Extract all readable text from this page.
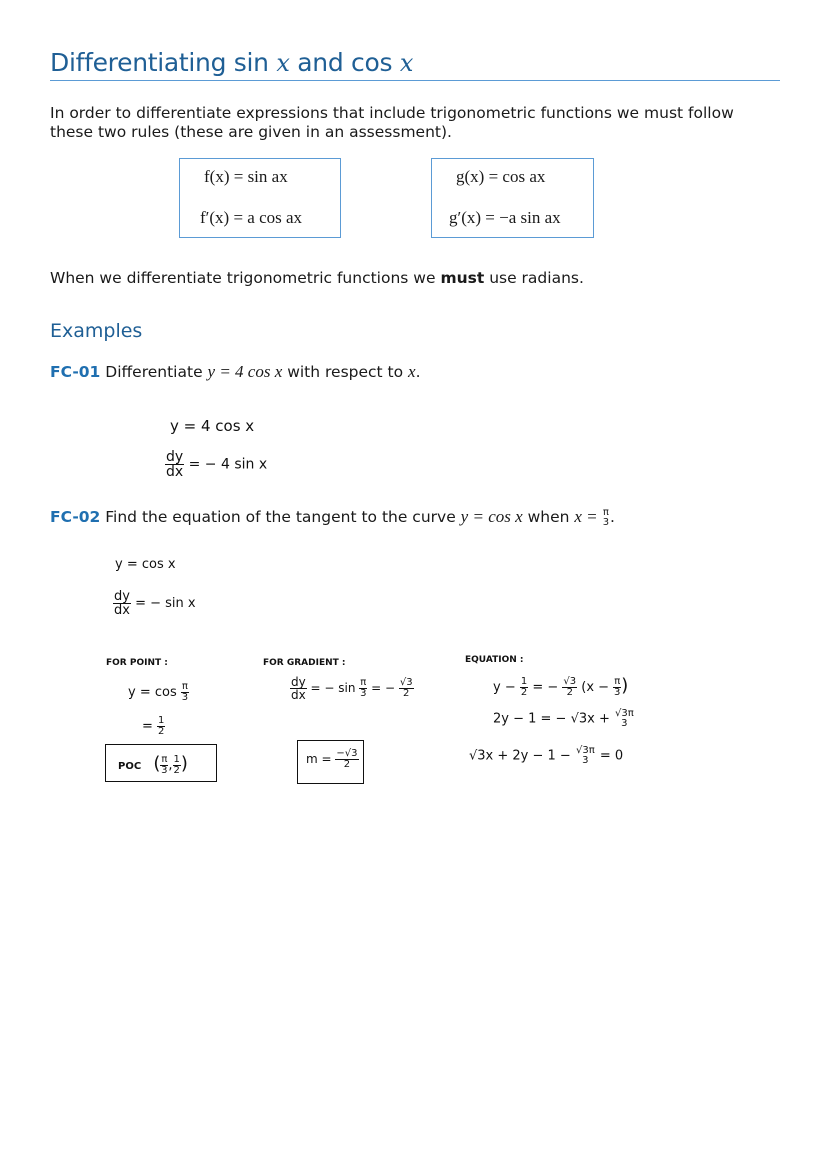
Differentiating sin x and cos x
In order to differentiate expressions that include trigonometric functions we must follow these two rules (these are given in an assessment).
f(x) = sin ax
f′(x) = a cos ax
g(x) = cos ax
g′(x) = −a sin ax
When we differentiate trigonometric functions we must use radians.
Examples
FC-01 Differentiate y = 4 cos x with respect to x.
y = 4 cos x
$\frac{dy}{dx}$ = − 4 sin x
FC-02 Find the equation of the tangent to the curve y = cos x when x = π
3 .
y = cos x
$\frac{dy}{dx}$ = − sin x
FOR POINT :
$y = \cos \frac{\pi}{3}$
= $\frac{1}{2}$
POC ( $\frac{\pi}{3}$ , $\frac{1}{2}$ )
FOR GRADIENT :
$\frac{dy}{dx}$ = − $\sin \frac{\pi}{3}$ = − $\frac{√3}{2}$
$m = \frac{-√3}{2}$
EQUATION :
$y - \frac{1}{2}$ = − $\frac{√3}{2} (x - \frac{\pi}{3}$ )
2y − 1 = − √3x + √3π
3
√3x + 2y − 1 − √3π
3 = 0
